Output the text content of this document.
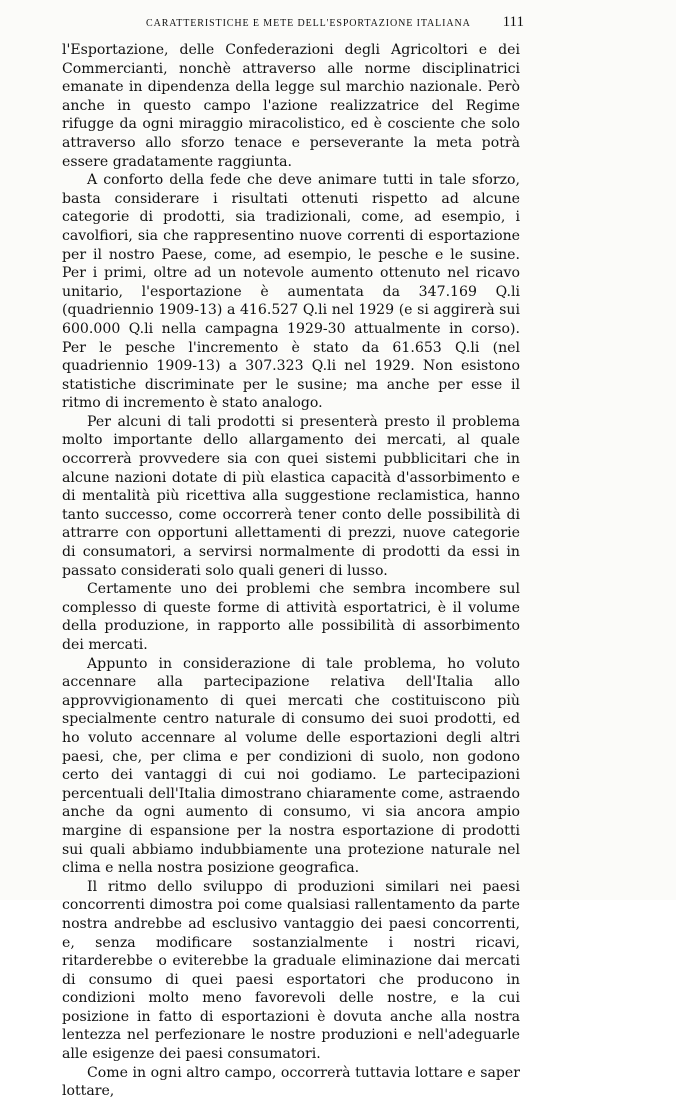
CARATTERISTICHE E METE DELL'ESPORTAZIONE ITALIANA 111

l'Esportazione, delle Confederazioni degli Agricoltori e dei Commercianti, nonchè attraverso alle norme disciplinatrici emanate in dipendenza della legge sul marchio nazionale. Però anche in questo campo l'azione realizzatrice del Regime rifugge da ogni miraggio miracolistico, ed è cosciente che solo attraverso allo sforzo tenace e perseverante la meta potrà essere gradatamente raggiunta.

A conforto della fede che deve animare tutti in tale sforzo, basta considerare i risultati ottenuti rispetto ad alcune categorie di prodotti, sia tradizionali, come, ad esempio, i cavolfiori, sia che rappresentino nuove correnti di esportazione per il nostro Paese, come, ad esempio, le pesche e le susine. Per i primi, oltre ad un notevole aumento ottenuto nel ricavo unitario, l'esportazione è aumentata da 347.169 Q.li (quadriennio 1909-13) a 416.527 Q.li nel 1929 (e si aggirerà sui 600.000 Q.li nella campagna 1929-30 attualmente in corso). Per le pesche l'incremento è stato da 61.653 Q.li (nel quadriennio 1909-13) a 307.323 Q.li nel 1929. Non esistono statistiche discriminate per le susine; ma anche per esse il ritmo di incremento è stato analogo.

Per alcuni di tali prodotti si presenterà presto il problema molto importante dello allargamento dei mercati, al quale occorrerà provvedere sia con quei sistemi pubblicitari che in alcune nazioni dotate di più elastica capacità d'assorbimento e di mentalità più ricettiva alla suggestione reclamistica, hanno tanto successo, come occorrerà tener conto delle possibilità di attrarre con opportuni allettamenti di prezzi, nuove categorie di consumatori, a servirsi normalmente di prodotti da essi in passato considerati solo quali generi di lusso.

Certamente uno dei problemi che sembra incombere sul complesso di queste forme di attività esportatrici, è il volume della produzione, in rapporto alle possibilità di assorbimento dei mercati.

Appunto in considerazione di tale problema, ho voluto accennare alla partecipazione relativa dell'Italia allo approvvigionamento di quei mercati che costituiscono più specialmente centro naturale di consumo dei suoi prodotti, ed ho voluto accennare al volume delle esportazioni degli altri paesi, che, per clima e per condizioni di suolo, non godono certo dei vantaggi di cui noi godiamo. Le partecipazioni percentuali dell'Italia dimostrano chiaramente come, astraendo anche da ogni aumento di consumo, vi sia ancora ampio margine di espansione per la nostra esportazione di prodotti sui quali abbiamo indubbiamente una protezione naturale nel clima e nella nostra posizione geografica.

Il ritmo dello sviluppo di produzioni similari nei paesi concorrenti dimostra poi come qualsiasi rallentamento da parte nostra andrebbe ad esclusivo vantaggio dei paesi concorrenti, e, senza modificare sostanzialmente i nostri ricavi, ritarderebbe o eviterebbe la graduale eliminazione dai mercati di consumo di quei paesi esportatori che producono in condizioni molto meno favorevoli delle nostre, e la cui posizione in fatto di esportazioni è dovuta anche alla nostra lentezza nel perfezionare le nostre produzioni e nell'adeguarle alle esigenze dei paesi consumatori.

Come in ogni altro campo, occorrerà tuttavia lottare e saper lottare,
